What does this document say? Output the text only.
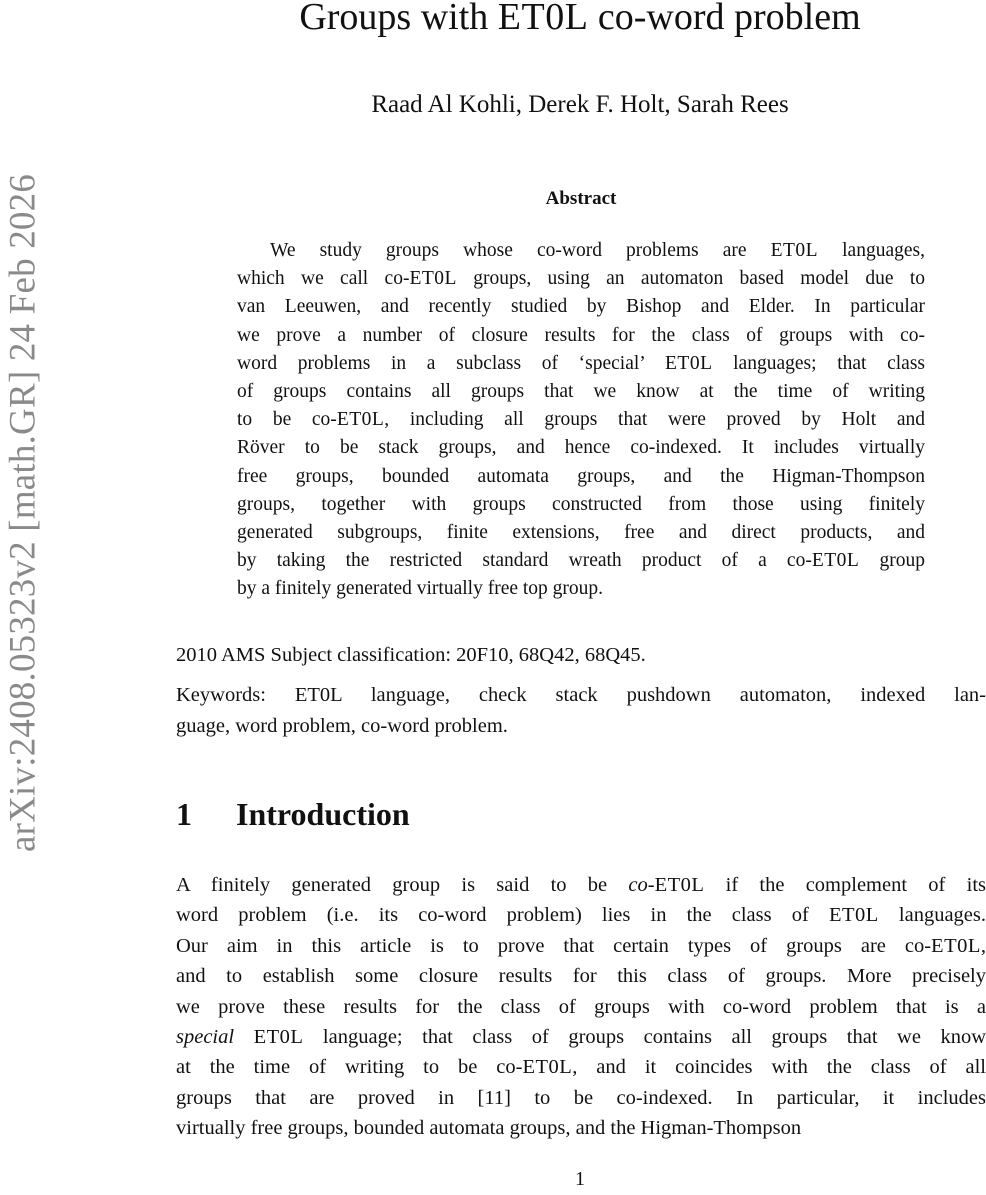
arXiv:2408.05323v2 [math.GR] 24 Feb 2026
Groups with ET0L co-word problem
Raad Al Kohli, Derek F. Holt, Sarah Rees
Abstract
We study groups whose co-word problems are ET0L languages,
which we call co-ET0L groups, using an automaton based model due to
van Leeuwen, and recently studied by Bishop and Elder. In particular
we prove a number of closure results for the class of groups with co-
word problems in a subclass of ‘special’ ET0L languages; that class
of groups contains all groups that we know at the time of writing
to be co-ET0L, including all groups that were proved by Holt and
Röver to be stack groups, and hence co-indexed. It includes virtually
free groups, bounded automata groups, and the Higman-Thompson
groups, together with groups constructed from those using finitely
generated subgroups, finite extensions, free and direct products, and
by taking the restricted standard wreath product of a co-ET0L group
by a finitely generated virtually free top group.
2010 AMS Subject classification: 20F10, 68Q42, 68Q45.
Keywords: ET0L language, check stack pushdown automaton, indexed lan-
guage, word problem, co-word problem.
1 Introduction
A finitely generated group is said to be co-ET0L if the complement of its
word problem (i.e. its co-word problem) lies in the class of ET0L languages.
Our aim in this article is to prove that certain types of groups are co-ET0L,
and to establish some closure results for this class of groups. More precisely
we prove these results for the class of groups with co-word problem that is a
special ET0L language; that class of groups contains all groups that we know
at the time of writing to be co-ET0L, and it coincides with the class of all
groups that are proved in [11] to be co-indexed. In particular, it includes
virtually free groups, bounded automata groups, and the Higman-Thompson
1
